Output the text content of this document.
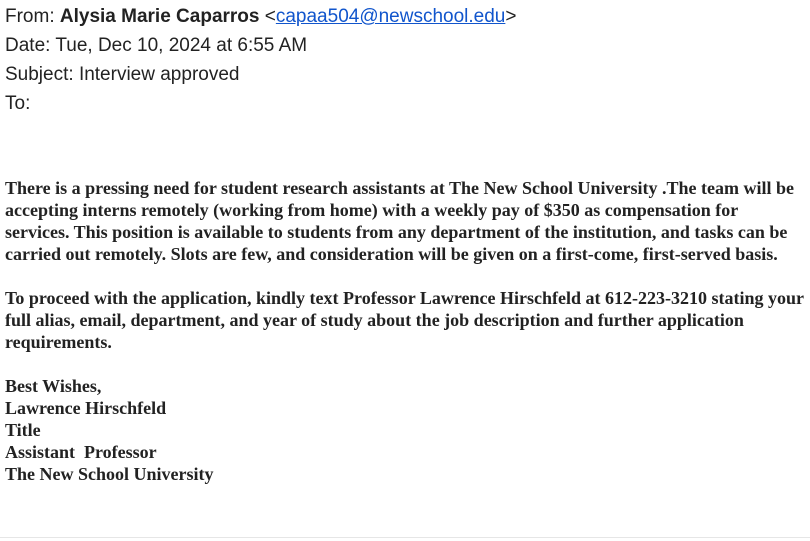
From: Alysia Marie Caparros <capaa504@newschool.edu>
Date: Tue, Dec 10, 2024 at 6:55 AM
Subject: Interview approved
To:

There is a pressing need for student research assistants at The New School University .The team will be accepting interns remotely (working from home) with a weekly pay of $350 as compensation for services. This position is available to students from any department of the institution, and tasks can be carried out remotely. Slots are few, and consideration will be given on a first-come, first-served basis.

To proceed with the application, kindly text Professor Lawrence Hirschfeld at 612-223-3210 stating your full alias, email, department, and year of study about the job description and further application requirements.

Best Wishes,
Lawrence Hirschfeld
Title
Assistant  Professor
The New School University
